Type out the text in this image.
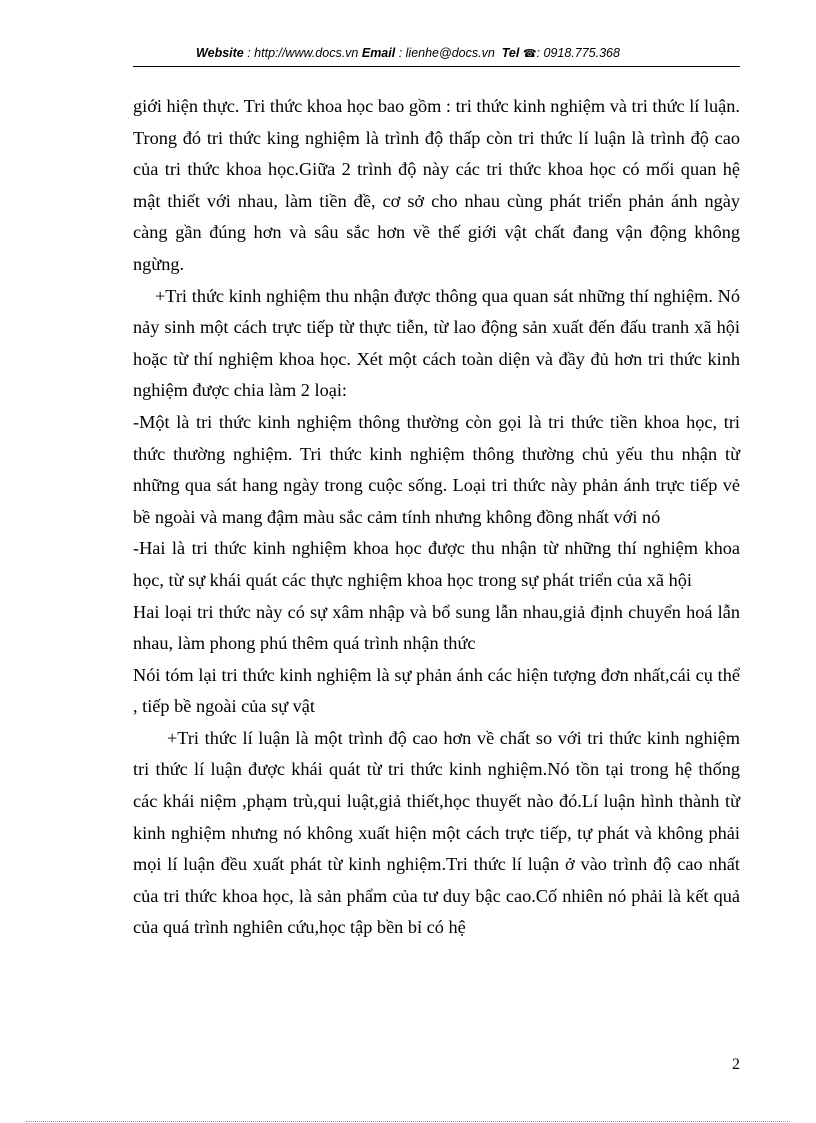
Website : http://www.docs.vn Email : lienhe@docs.vn  Tel ☎: 0918.775.368

giới hiện thực. Tri thức khoa học bao gồm : tri thức kinh nghiệm và tri thức lí luận. Trong đó tri thức king nghiệm là trình độ thấp còn tri thức lí luận là trình độ cao của tri thức khoa học.Giữa 2 trình độ này các tri thức khoa học có mối quan hệ mật thiết với nhau, làm tiền đề, cơ sở cho nhau cùng phát triển phản ánh ngày càng gần đúng hơn và sâu sắc hơn về thế giới vật chất đang vận động không ngừng.

+Tri thức kinh nghiệm thu nhận được thông qua quan sát những thí nghiệm. Nó nảy sinh một cách trực tiếp từ thực tiễn, từ lao động sản xuất đến đấu tranh xã hội hoặc từ thí nghiệm khoa học. Xét một cách toàn diện và đầy đủ hơn tri thức kinh nghiệm được chia làm 2 loại:

-Một là tri thức kinh nghiệm thông thường còn gọi là tri thức tiền khoa học, tri thức thường nghiệm. Tri thức kinh nghiệm thông thường chủ yếu thu nhận từ những qua sát hang ngày trong cuộc sống. Loại tri thức này phản ánh trực tiếp vẻ bề ngoài và mang đậm màu sắc cảm tính nhưng không đồng nhất với nó

-Hai là tri thức kinh nghiệm khoa học được thu nhận từ những thí nghiệm khoa học, từ sự khái quát các thực nghiệm khoa học trong sự phát triển của xã hội

Hai loại tri thức này có sự xâm nhập và bổ sung lẫn nhau,giả định chuyển hoá lẫn nhau, làm phong phú thêm quá trình nhận thức

Nói tóm lại tri thức kinh nghiệm là sự phản ánh các hiện tượng đơn nhất,cái cụ thể , tiếp bề ngoài của sự vật

+Tri thức lí luận là một trình độ cao hơn về chất so với tri thức kinh nghiệm tri thức lí luận được khái quát từ tri thức kinh nghiệm.Nó tồn tại trong hệ thống các khái niệm ,phạm trù,qui luật,giả thiết,học thuyết nào đó.Lí luận hình thành từ kinh nghiệm nhưng nó không xuất hiện một cách trực tiếp, tự phát và không phải mọi lí luận đều xuất phát từ kinh nghiệm.Tri thức lí luận ở vào trình độ cao nhất của tri thức khoa học, là sản phẩm của tư duy bậc cao.Cố nhiên nó phải là kết quả của quá trình nghiên cứu,học tập bền bỉ có hệ

2
